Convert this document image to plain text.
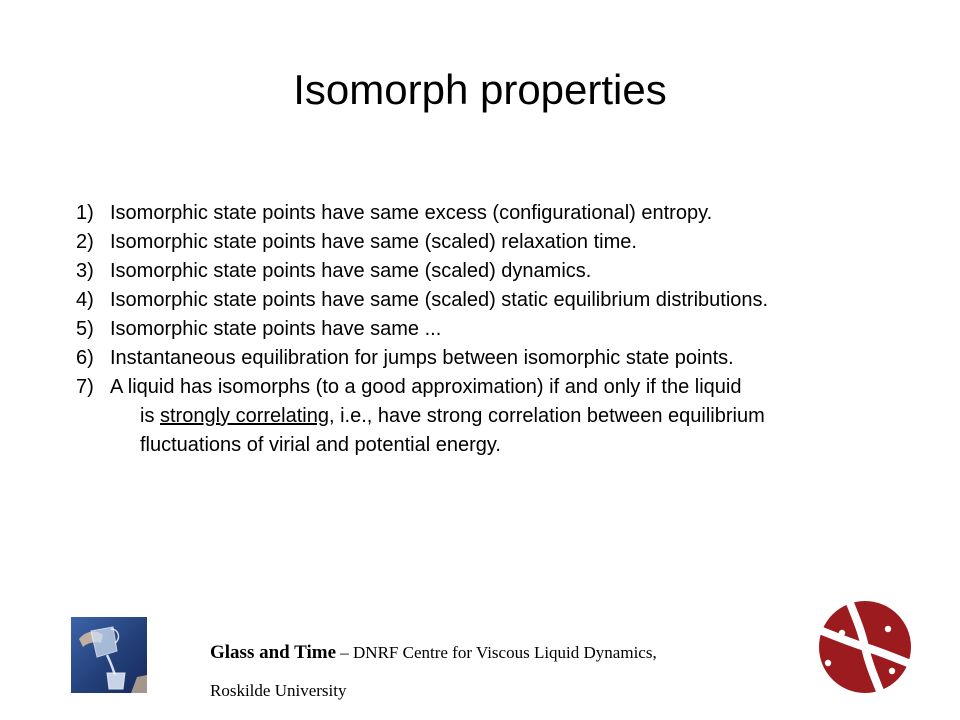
Isomorph properties
1) Isomorphic state points have same excess (configurational) entropy.
2) Isomorphic state points have same (scaled) relaxation time.
3) Isomorphic state points have same (scaled) dynamics.
4) Isomorphic state points have same (scaled) static equilibrium distributions.
5) Isomorphic state points have same ...
6) Instantaneous equilibration for jumps between isomorphic state points.
7) A liquid has isomorphs (to a good approximation) if and only if the liquid
is strongly correlating, i.e., have strong correlation between equilibrium
fluctuations of virial and potential energy.
Glass and Time – DNRF Centre for Viscous Liquid Dynamics,
Roskilde University
